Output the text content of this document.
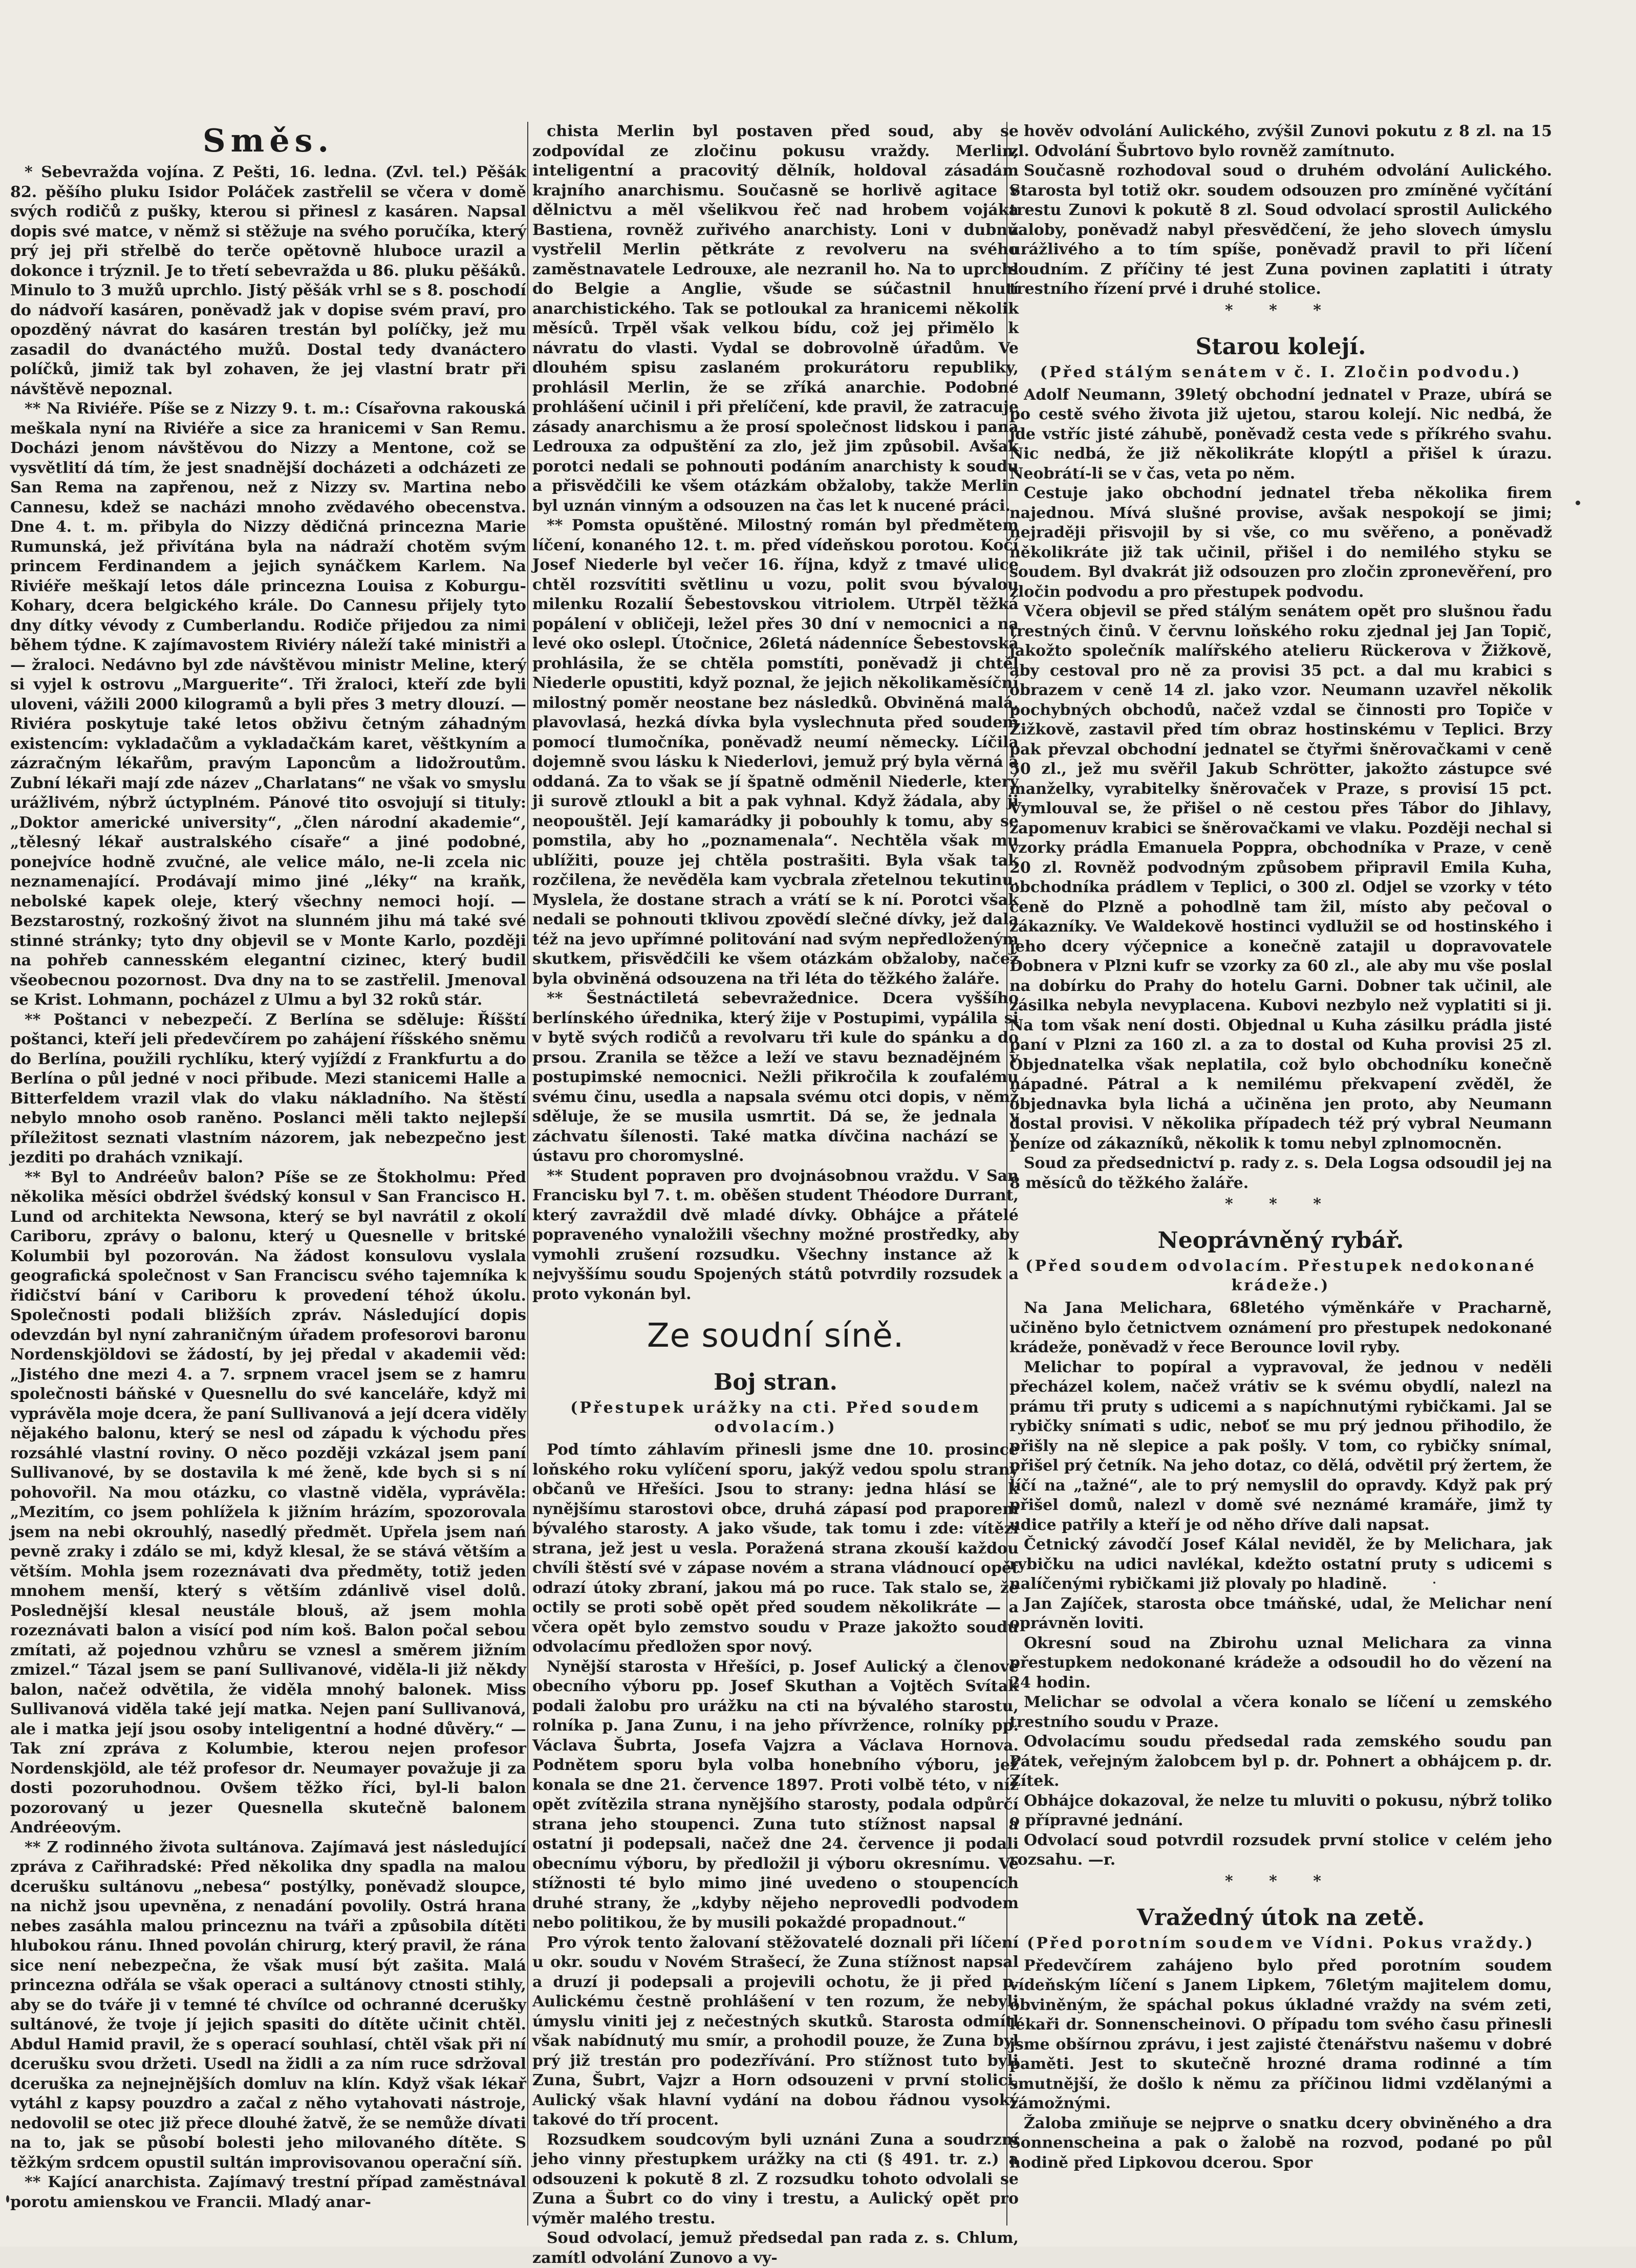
Směs.

* Sebevražda vojína. Z Pešti, 16. ledna. (Zvl. tel.) Pěšák 82. pěšího pluku Isidor Poláček zastřelil se včera v domě svých rodičů z pušky, kterou si přinesl z kasáren. Napsal dopis své matce, v němž si stěžuje na svého poručíka, který prý jej při střelbě do terče opětovně hluboce urazil a dokonce i trýznil. Je to třetí sebevražda u 86. pluku pěšáků. Minulo to 3 mužů uprchlo. Jistý pěšák vrhl se s 8. poschodí do nádvoří kasáren, poněvadž jak v dopise svém praví, pro opozděný návrat do kasáren trestán byl políčky, jež mu zasadil do dvanáctého mužů. Dostal tedy dvanáctero políčků, jimiž tak byl zohaven, že jej vlastní bratr při návštěvě nepoznal.

** Na Riviéře. Píše se z Nizzy 9. t. m.: Císařovna rakouská meškala nyní na Riviéře a sice za hranicemi v San Remu. Docházi jenom návštěvou do Nizzy a Mentone, což se vysvětlití dá tím, že jest snadnější docházeti a odcházeti ze San Rema na zapřenou, než z Nizzy sv. Martina nebo Cannesu, kdež se nacházi mnoho zvědavého obecenstva. Dne 4. t. m. přibyla do Nizzy dědičná princezna Marie Rumunská, jež přivítána byla na nádraží chotěm svým princem Ferdinandem a jejich synáčkem Karlem. Na Riviéře meškají letos dále princezna Louisa z Koburgu-Kohary, dcera belgického krále. Do Cannesu přijely tyto dny dítky vévody z Cumberlandu. Rodiče přijedou za nimi během týdne. K zajímavostem Riviéry náleží také ministři a — žraloci. Nedávno byl zde návštěvou ministr Meline, který si vyjel k ostrovu „Marguerite“. Tři žraloci, kteří zde byli uloveni, vážili 2000 kilogramů a byli přes 3 metry dlouzí. — Riviéra poskytuje také letos obživu četným záhadným existencím: vykladačům a vykladačkám karet, věštkyním a zázračným lékařům, pravým Laponcům a lidožroutům. Zubní lékaři mají zde název „Charlatans“ ne však vo smyslu urážlivém, nýbrž úctyplném. Pánové tito osvojují si tituly: „Doktor americké university“, „člen národní akademie“, „tělesný lékař australského císaře“ a jiné podobné, ponejvíce hodně zvučné, ale velice málo, ne-li zcela nic neznamenající. Prodávají mimo jiné „léky“ na kraňk, nebolské kapek oleje, který všechny nemoci hojí. — Bezstarostný, rozkošný život na slunném jihu má také své stinné stránky; tyto dny objevil se v Monte Karlo, později na pohřeb cannesském elegantní cizinec, který budil všeobecnou pozornost. Dva dny na to se zastřelil. Jmenoval se Krist. Lohmann, pocházel z Ulmu a byl 32 roků stár.

** Poštanci v nebezpečí. Z Berlína se sděluje: Říšští poštanci, kteří jeli předevčírem po zahájení říšského sněmu do Berlína, použili rychlíku, který vyjíždí z Frankfurtu a do Berlína o půl jedné v noci přibude. Mezi stanicemi Halle a Bitterfeldem vrazil vlak do vlaku nákladního. Na štěstí nebylo mnoho osob raněno. Poslanci měli takto nejlepší příležitost seznati vlastním názorem, jak nebezpečno jest jezditi po drahách vznikají.

** Byl to Andréeův balon? Píše se ze Štokholmu: Před několika měsíci obdržel švédský konsul v San Francisco H. Lund od architekta Newsona, který se byl navrátil z okolí Cariboru, zprávy o balonu, který u Quesnelle v britské Kolumbii byl pozorován. Na žádost konsulovu vyslala geografická společnost v San Franciscu svého tajemníka k řidičství bání v Cariboru k provedení téhož úkolu. Společnosti podali bližších zpráv. Následující dopis odevzdán byl nyní zahraničným úřadem profesorovi baronu Nordenskjöldovi se žádostí, by jej předal v akademii věd: „Jistého dne mezi 4. a 7. srpnem vracel jsem se z hamru společnosti báňské v Quesnellu do své kanceláře, když mi vyprávěla moje dcera, že paní Sullivanová a její dcera viděly nějakého balonu, který se nesl od západu k východu přes rozsáhlé vlastní roviny. O něco později vzkázal jsem paní Sullivanové, by se dostavila k mé ženě, kde bych si s ní pohovořil. Na mou otázku, co vlastně viděla, vyprávěla: „Mezitím, co jsem pohlížela k jižním hrázím, spozorovala jsem na nebi okrouhlý, nasedlý předmět. Upřela jsem nań pevně zraky i zdálo se mi, když klesal, že se stává větším a větším. Mohla jsem rozeznávati dva předměty, totiž jeden mnohem menší, který s větším zdánlivě visel dolů. Poslednější klesal neustále blouš, až jsem mohla rozeznávati balon a visící pod ním koš. Balon počal sebou zmítati, až pojednou vzhůru se vznesl a směrem jižním zmizel.“ Tázal jsem se paní Sullivanové, viděla-li již někdy balon, načež odvětila, že viděla mnohý balonek. Miss Sullivanová viděla také její matka. Nejen paní Sullivanová, ale i matka její jsou osoby inteligentní a hodné důvěry.“ — Tak zní zpráva z Kolumbie, kterou nejen profesor Nordenskjöld, ale též profesor dr. Neumayer považuje ji za dosti pozoruhodnou. Ovšem těžko říci, byl-li balon pozorovaný u jezer Quesnella skutečně balonem Andréeovým.

** Z rodinného života sultánova. Zajímavá jest následující zpráva z Cařihradské: Před několika dny spadla na malou dcerušku sultánovu „nebesa“ postýlky, poněvadž sloupce, na nichž jsou upevněna, z nenadání povolily. Ostrá hrana nebes zasáhla malou princeznu na tváři a způsobila dítěti hlubokou ránu. Ihned povolán chirurg, který pravil, že rána sice není nebezpečna, že však musí být zašita. Malá princezna odřála se však operaci a sultánovy ctnosti stihly, aby se do tváře ji v temné té chvílce od ochranné dcerušky sultánové, že tvoje jí jejich spasiti do dítěte učinit chtěl. Abdul Hamid pravil, že s operací souhlasí, chtěl však při ní dcerušku svou držeti. Usedl na židli a za ním ruce sdržoval dceruška za nejnejnějších domluv na klín. Když však lékař vytáhl z kapsy pouzdro a začal z něho vytahovati nástroje, nedovolil se otec již přece dlouhé žatvě, že se nemůže dívati na to, jak se působí bolesti jeho milovaného dítěte. S těžkým srdcem opustil sultán improvisovanou operační síň.

** Kající anarchista. Zajímavý trestní případ zaměstnával porotu amienskou ve Francii. Mladý anar-

chista Merlin byl postaven před soud, aby se zodpovídal ze zločinu pokusu vraždy. Merlin, inteligentní a pracovitý dělník, holdoval zásadám krajního anarchismu. Současně se horlivě agitace v dělnictvu a měl všelikvou řeč nad hrobem vojáka Bastiena, rovněž zuřivého anarchisty. Loni v dubnu vystřelil Merlin pětkráte z revolveru na svého zaměstnavatele Ledrouxe, ale nezranil ho. Na to uprchl do Belgie a Anglie, všude se súčastnil hnutí anarchistického. Tak se potloukal za hranicemi několik měsíců. Trpěl však velkou bídu, což jej přimělo k návratu do vlasti. Vydal se dobrovolně úřadům. Ve dlouhém spisu zaslaném prokurátoru republiky, prohlásil Merlin, že se zříká anarchie. Podobné prohlášení učinil i při přelíčení, kde pravil, že zatracuje zásady anarchismu a že prosí společnost lidskou i pana Ledrouxa za odpuštění za zlo, jež jim způsobil. Avšak porotci nedali se pohnouti podáním anarchisty k soudu a přisvědčili ke všem otázkám obžaloby, takže Merlin byl uznán vinným a odsouzen na čas let k nucené práci.

** Pomsta opuštěné. Milostný román byl předmětem líčení, konaného 12. t. m. před vídeňskou porotou. Kočí Josef Niederle byl večer 16. října, když z tmavé ulice chtěl rozsvítiti světlinu u vozu, polit svou bývalou milenku Rozalií Šebestovskou vitriolem. Utrpěl těžká popálení v obličeji, ležel přes 30 dní v nemocnici a na levé oko oslepl. Útočnice, 26letá nádenníce Šebestovská prohlásila, že se chtěla pomstíti, poněvadž ji chtěl Niederle opustiti, když poznal, že jejich několikaměsíční milostný poměr neostane bez následků. Obviněná malá, plavovlasá, hezká dívka byla vyslechnuta před soudem pomocí tlumočníka, poněvadž neumí německy. Líčila dojemně svou lásku k Niederlovi, jemuž prý byla věrná a oddaná. Za to však se jí špatně odměnil Niederle, který ji surově ztloukl a bit a pak vyhnal. Když žádala, aby ji neopouštěl. Její kamarádky ji pobouhly k tomu, aby se pomstila, aby ho „poznamenala“. Nechtěla však mu ublížiti, pouze jej chtěla postrašiti. Byla však tak rozčilena, že nevěděla kam vycbrala zřetelnou tekutinu. Myslela, že dostane strach a vrátí se k ní. Porotci však nedali se pohnouti tklivou zpovědí slečné dívky, jež dala též na jevo upřímné politování nad svým nepředloženým skutkem, přisvědčili ke všem otázkám obžaloby, načež byla obviněná odsouzena na tři léta do těžkého žaláře.

** Šestnáctiletá sebevražednice. Dcera vyššího berlínského úřednika, který žije v Postupimi, vypálila si v bytě svých rodičů a revolvaru tři kule do spánku a do prsou. Zranila se těžce a leží ve stavu beznadějném v postupimské nemocnici. Nežli přikročila k zoufalému svému činu, usedla a napsala svému otci dopis, v němž sděluje, že se musila usmrtit. Dá se, že jednala v záchvatu šílenosti. Také matka dívčina nachází se v ústavu pro choromyslné.

** Student popraven pro dvojnásobnou vraždu. V San Francisku byl 7. t. m. oběšen student Théodore Durrant, který zavraždil dvě mladé dívky. Obhájce a přátelé popraveného vynaložili všechny možné prostředky, aby vymohli zrušení rozsudku. Všechny instance až k nejvyššímu soudu Spojených států potvrdily rozsudek a proto vykonán byl.

Ze soudní síně.
Boj stran.
(Přestupek urážky na cti. Před soudem odvolacím.)

Pod tímto záhlavím přinesli jsme dne 10. prosince loňského roku vylíčení sporu, jakýž vedou spolu strany občanů ve Hřešíci. Jsou to strany: jedna hlásí se k nynějšímu starostovi obce, druhá zápasí pod praporem bývalého starosty. A jako všude, tak tomu i zde: vítězí strana, jež jest u vesla. Poražená strana zkouší každou chvíli štěstí své v zápase novém a strana vládnoucí opět odrazí útoky zbraní, jakou má po ruce. Tak stalo se, že octily se proti sobě opět před soudem několikráte — a včera opět bylo zemstvo soudu v Praze jakožto soudu odvolacímu předložen spor nový.

Nynější starosta v Hřešíci, p. Josef Aulický a členové obecního výboru pp. Josef Skuthan a Vojtěch Svítak podali žalobu pro urážku na cti na bývalého starostu, rolníka p. Jana Zunu, i na jeho přívržence, rolníky pp. Václava Šubrta, Josefa Vajzra a Václava Hornova. Podnětem sporu byla volba honebního výboru, jež konala se dne 21. července 1897. Proti volbě této, v níž opět zvítězila strana nynějšího starosty, podala odpůrčí strana jeho stoupenci. Zuna tuto stížnost napsal a ostatní ji podepsali, načež dne 24. července ji podali obecnímu výboru, by předložil ji výboru okresnímu. Ve stížnosti té bylo mimo jiné uvedeno o stoupencích druhé strany, že „kdyby nějeho neprovedli podvodem nebo politikou, že by musili pokaždé propadnout.“

Pro výrok tento žalovaní stěžovatelé doznali při líčení u okr. soudu v Novém Strašecí, že Zuna stížnost napsal a druzí ji podepsali a projevili ochotu, že ji před p. Aulickému čestně prohlášení v ten rozum, že nebyli úmyslu viniti jej z nečestných skutků. Starosta odmítl však nabídnutý mu smír, a prohodil pouze, že Zuna byl prý již trestán pro podezřívání. Pro stížnost tuto byli Zuna, Šubrt, Vajzr a Horn odsouzeni v první stolici, Aulický však hlavní vydání na dobou řádnou vysoký takové do tří procent.

Rozsudkem soudcovým byli uznáni Zuna a soudrzní jeho vinny přestupkem urážky na cti (§ 491. tr. z.) a odsouzeni k pokutě 8 zl. Z rozsudku tohoto odvolali se Zuna a Šubrt co do viny i trestu, a Aulický opět pro výměr malého trestu.

Soud odvolací, jemuž předsedal pan rada z. s. Chlum, zamítl odvolání Zunovo a vy-

hověv odvolání Aulického, zvýšil Zunovi pokutu z 8 zl. na 15 zl. Odvolání Šubrtovo bylo rovněž zamítnuto.

Současně rozhodoval soud o druhém odvolání Aulického. Starosta byl totiž okr. soudem odsouzen pro zmíněné vyčítání trestu Zunovi k pokutě 8 zl. Soud odvolací sprostil Aulického žaloby, poněvadž nabyl přesvědčení, že jeho slovech úmyslu urážlivého a to tím spíše, poněvadž pravil to při líčení soudním. Z příčiny té jest Zuna povinen zaplatiti i útraty trestního řízení prvé i druhé stolice.

* * *
Starou kolejí.
(Před stálým senátem v č. I. Zločin podvodu.)

Adolf Neumann, 39letý obchodní jednatel v Praze, ubírá se po cestě svého života již ujetou, starou kolejí. Nic nedbá, že jde vstříc jisté záhubě, poněvadž cesta vede s příkrého svahu. Nic nedbá, že již několikráte klopýtl a přišel k úrazu. Neobrátí-li se v čas, veta po něm.

Cestuje jako obchodní jednatel třeba několika firem najednou. Mívá slušné provise, avšak nespokojí se jimi; nejraději přisvojil by si vše, co mu svěřeno, a poněvadž několikráte již tak učinil, přišel i do nemilého styku se soudem. Byl dvakrát již odsouzen pro zločin zpronevěření, pro zločin podvodu a pro přestupek podvodu.

Včera objevil se před stálým senátem opět pro slušnou řadu trestných činů. V červnu loňského roku zjednal jej Jan Topič, jakožto společník malířského atelieru Rückerova v Žižkově, aby cestoval pro ně za provisi 35 pct. a dal mu krabici s obrazem v ceně 14 zl. jako vzor. Neumann uzavřel několik pochybných obchodů, načež vzdal se činnosti pro Topiče v Žižkově, zastavil před tím obraz hostinskému v Teplici. Brzy pak převzal obchodní jednatel se čtyřmi šněrovačkami v ceně 50 zl., jež mu svěřil Jakub Schrötter, jakožto zástupce své manželky, vyrabitelky šněrovaček v Praze, s provisí 15 pct. Vymlouval se, že přišel o ně cestou přes Tábor do Jihlavy, zapomenuv krabici se šněrovačkami ve vlaku. Později nechal si vzorky prádla Emanuela Poppra, obchodníka v Praze, v ceně 20 zl. Rovněž podvodným způsobem připravil Emila Kuha, obchodníka prádlem v Teplici, o 300 zl. Odjel se vzorky v této ceně do Plzně a pohodlně tam žil, místo aby pečoval o zákazníky. Ve Waldekově hostinci vydlužil se od hostinského i jeho dcery výčepnice a konečně zatajil u dopravovatele Dobnera v Plzni kufr se vzorky za 60 zl., ale aby mu vše poslal na dobírku do Prahy do hotelu Garni. Dobner tak učinil, ale zásilka nebyla nevyplacena. Kubovi nezbylo než vyplatiti si ji. Na tom však není dosti. Objednal u Kuha zásilku prádla jisté paní v Plzni za 160 zl. a za to dostal od Kuha provisi 25 zl. Objednatelka však neplatila, což bylo obchodníku konečně nápadné. Pátral a k nemilému překvapení zvěděl, že objednavka byla lichá a učiněna jen proto, aby Neumann dostal provisi. V několika případech též prý vybral Neumann peníze od zákazníků, několik k tomu nebyl zplnomocněn.

Soud za předsednictví p. rady z. s. Dela Logsa odsoudil jej na 8 měsíců do těžkého žaláře.

* * *
Neoprávněný rybář.
(Před soudem odvolacím. Přestupek nedokonané krádeže.)

Na Jana Melichara, 68letého výměnkáře v Pracharně, učiněno bylo četnictvem oznámení pro přestupek nedokonané krádeže, poněvadž v řece Berounce lovil ryby.

Melichar to popíral a vypravoval, že jednou v neděli přecházel kolem, načež vrátiv se k svému obydlí, nalezl na prámu tři pruty s udicemi a s napíchnutými rybičkami. Jal se rybičky snímati s udic, neboť se mu prý jednou přihodilo, že přišly na ně slepice a pak pošly. V tom, co rybičky snímal, přišel prý četník. Na jeho dotaz, co dělá, odvětil prý žertem, že líčí na „tažné“, ale to prý nemyslil do opravdy. Když pak prý přišel domů, nalezl v domě své neznámé kramáře, jimž ty udice patřily a kteří je od něho dříve dali napsat.

Četnický závodčí Josef Kálal neviděl, že by Melichara, jak rybičku na udici navlékal, kdežto ostatní pruty s udicemi s nalíčenými rybičkami již plovaly po hladině.

Jan Zajíček, starosta obce tmáňské, udal, že Melichar není oprávněn loviti.

Okresní soud na Zbirohu uznal Melichara za vinna přestupkem nedokonané krádeže a odsoudil ho do vězení na 24 hodin.

Melichar se odvolal a včera konalo se líčení u zemského trestního soudu v Praze.

Odvolacímu soudu předsedal rada zemského soudu pan Pátek, veřejným žalobcem byl p. dr. Pohnert a obhájcem p. dr. Zítek.

Obhájce dokazoval, že nelze tu mluviti o pokusu, nýbrž toliko o přípravné jednání.

Odvolací soud potvrdil rozsudek první stolice v celém jeho rozsahu. —r.

* * *
Vražedný útok na zetě.
(Před porotním soudem ve Vídni. Pokus vraždy.)

Předevčírem zahájeno bylo před porotním soudem vídeňským líčení s Janem Lipkem, 76letým majitelem domu, obviněným, že spáchal pokus úkladné vraždy na svém zeti, lékaři dr. Sonnenscheinovi. O případu tom svého času přinesli jsme obšírnou zprávu, i jest zajisté čtenářstvu našemu v dobré paměti. Jest to skutečně hrozné drama rodinné a tím smutnější, že došlo k němu za příčinou lidmi vzdělanými a zámožnými.

Žaloba zmiňuje se nejprve o snatku dcery obviněného a dra Sonnenscheina a pak o žalobě na rozvod, podané po půl hodině před Lipkovou dcerou. Spor
